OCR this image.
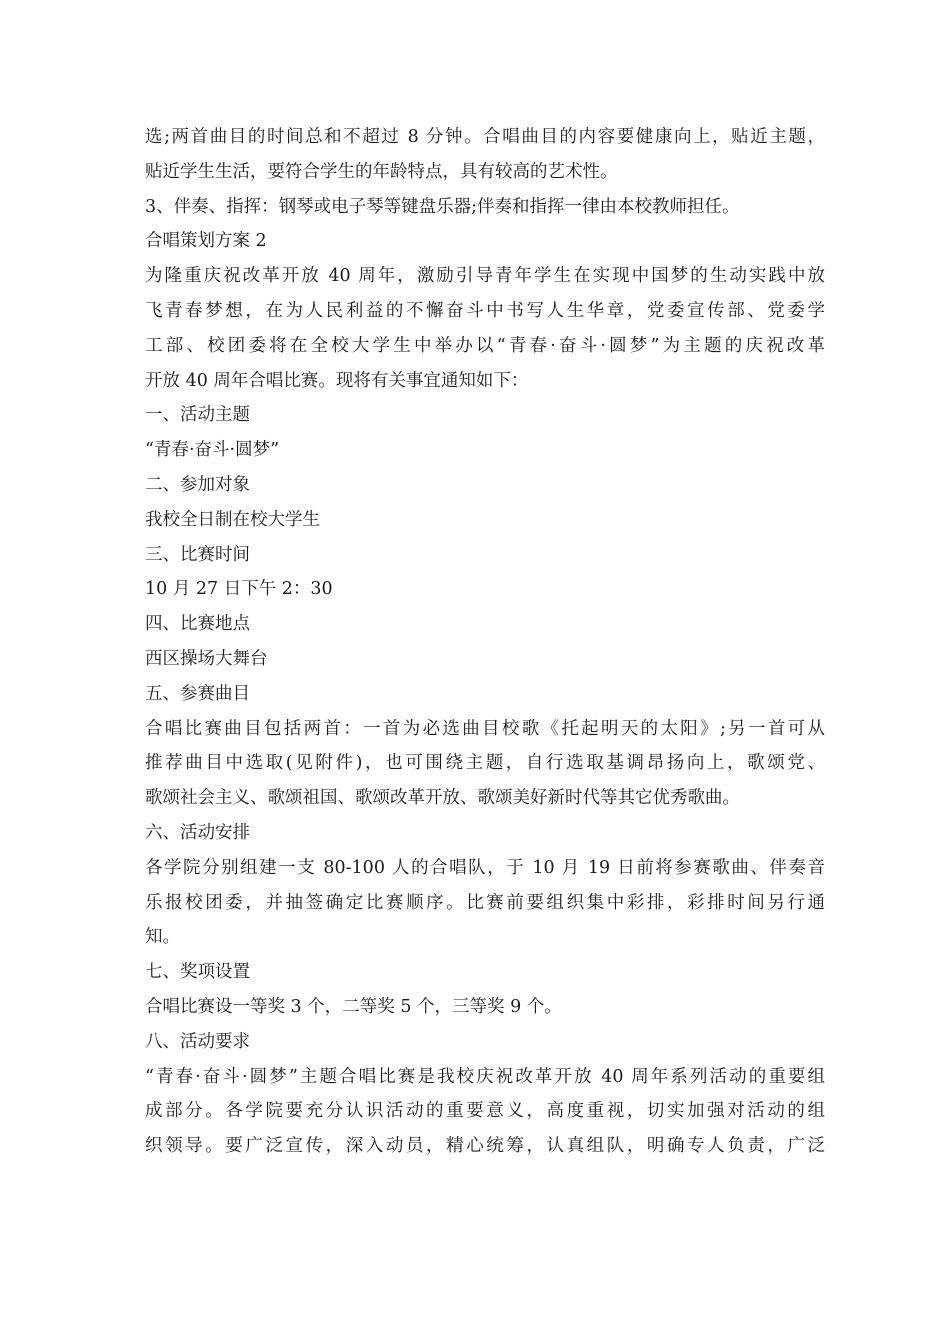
选;两首曲目的时间总和不超过 8 分钟。合唱曲目的内容要健康向上，贴近主题，
贴近学生生活，要符合学生的年龄特点，具有较高的艺术性。
3、伴奏、指挥：钢琴或电子琴等键盘乐器;伴奏和指挥一律由本校教师担任。
合唱策划方案 2
为隆重庆祝改革开放 40 周年，激励引导青年学生在实现中国梦的生动实践中放
飞青春梦想，在为人民利益的不懈奋斗中书写人生华章，党委宣传部、党委学
工部、校团委将在全校大学生中举办以“青春·奋斗·圆梦”为主题的庆祝改革
开放 40 周年合唱比赛。现将有关事宜通知如下：
一、活动主题
“青春·奋斗·圆梦”
二、参加对象
我校全日制在校大学生
三、比赛时间
10 月 27 日下午 2：30
四、比赛地点
西区操场大舞台
五、参赛曲目
合唱比赛曲目包括两首：一首为必选曲目校歌《托起明天的太阳》;另一首可从
推荐曲目中选取(见附件)，也可围绕主题，自行选取基调昂扬向上，歌颂党、
歌颂社会主义、歌颂祖国、歌颂改革开放、歌颂美好新时代等其它优秀歌曲。
六、活动安排
各学院分别组建一支 80-100 人的合唱队，于 10 月 19 日前将参赛歌曲、伴奏音
乐报校团委，并抽签确定比赛顺序。比赛前要组织集中彩排，彩排时间另行通
知。
七、奖项设置
合唱比赛设一等奖 3 个，二等奖 5 个，三等奖 9 个。
八、活动要求
“青春·奋斗·圆梦”主题合唱比赛是我校庆祝改革开放 40 周年系列活动的重要组
成部分。各学院要充分认识活动的重要意义，高度重视，切实加强对活动的组
织领导。要广泛宣传，深入动员，精心统筹，认真组队，明确专人负责，广泛
